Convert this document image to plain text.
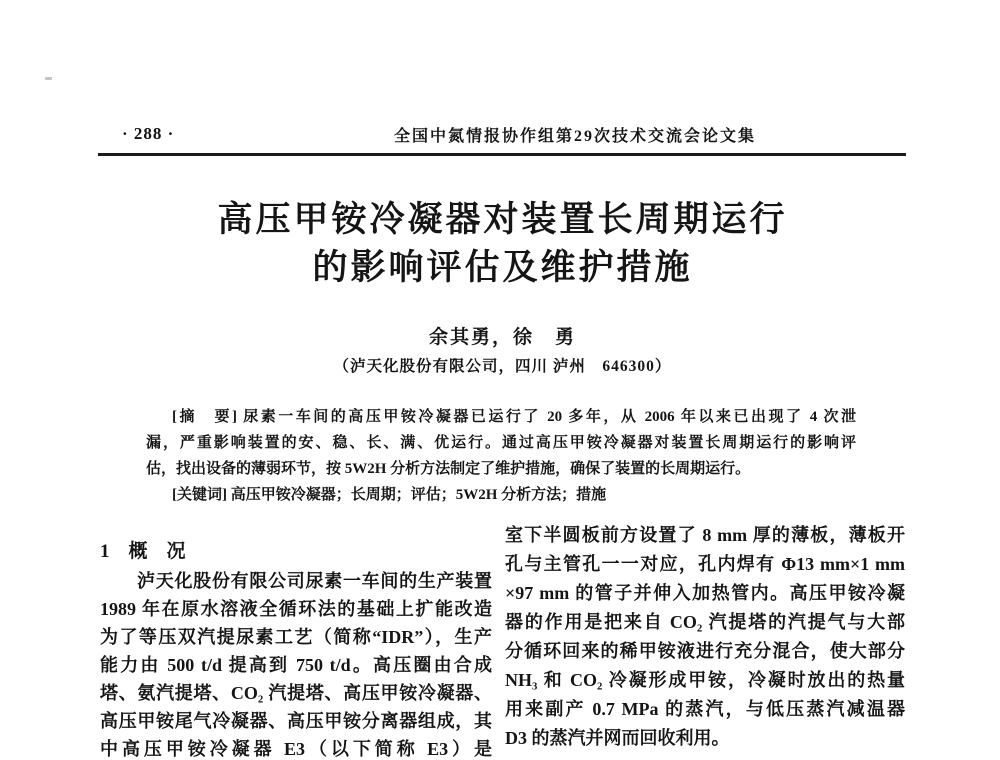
· 288 ·	全国中氮情报协作组第29次技术交流会论文集
高压甲铵冷凝器对装置长周期运行
的影响评估及维护措施
余其勇，徐　勇
（泸天化股份有限公司，四川 泸州　646300）
[摘　要] 尿素一车间的高压甲铵冷凝器已运行了 20 多年，从 2006 年以来已出现了 4 次泄
漏，严重影响装置的安、稳、长、满、优运行。通过高压甲铵冷凝器对装置长周期运行的影响评
估，找出设备的薄弱环节，按 5W2H 分析方法制定了维护措施，确保了装置的长周期运行。
[关键词] 高压甲铵冷凝器；长周期；评估；5W2H 分析方法；措施
1　概　况
泸天化股份有限公司尿素一车间的生产装置
1989 年在原水溶液全循环法的基础上扩能改造
为了等压双汽提尿素工艺（简称“IDR”），生产
能力由 500 t/d 提高到 750 t/d。高压圈由合成
塔、氨汽提塔、CO₂ 汽提塔、高压甲铵冷凝器、
高压甲铵尾气冷凝器、高压甲铵分离器组成，其
中高压甲铵冷凝器 E3（以下简称 E3）是
室下半圆板前方设置了 8 mm 厚的薄板，薄板开
孔与主管孔一一对应，孔内焊有 Φ13 mm×1 mm
×97 mm 的管子并伸入加热管内。高压甲铵冷凝
器的作用是把来自 CO₂ 汽提塔的汽提气与大部
分循环回来的稀甲铵液进行充分混合，使大部分
NH₃ 和 CO₂ 冷凝形成甲铵，冷凝时放出的热量
用来副产 0.7 MPa 的蒸汽，与低压蒸汽减温器
D3 的蒸汽并网而回收利用。
